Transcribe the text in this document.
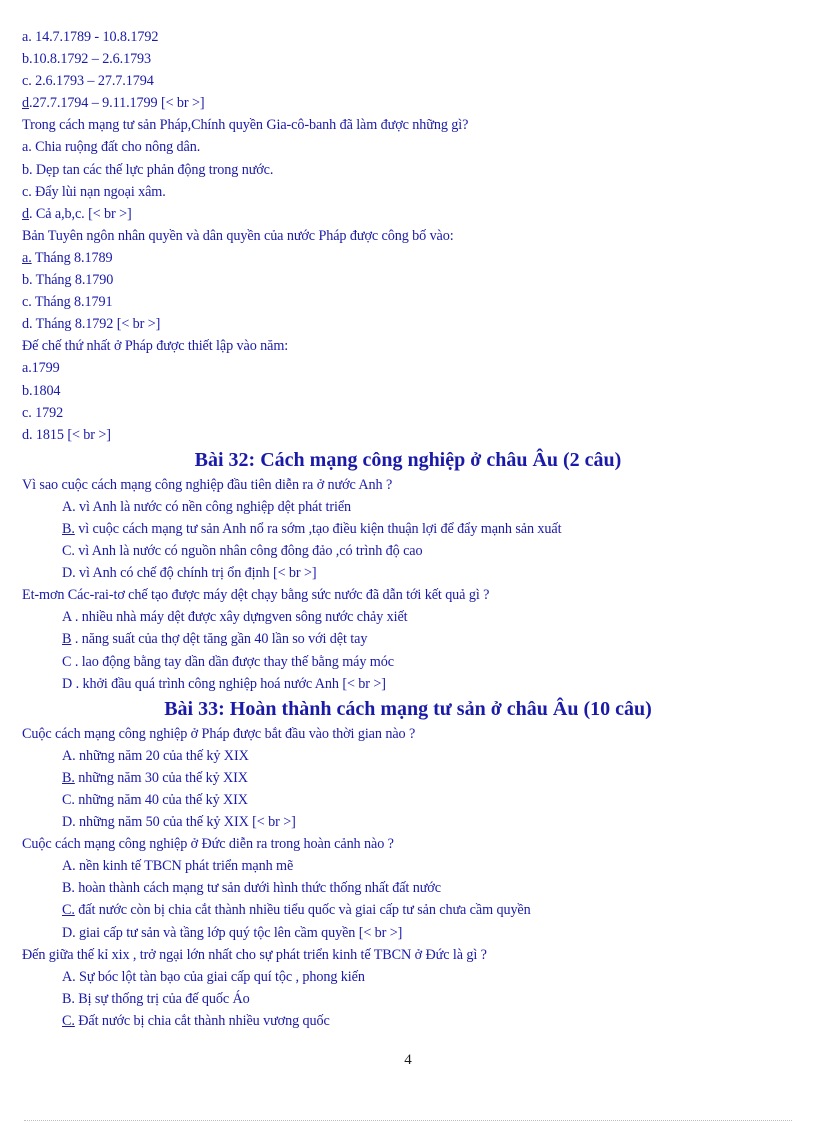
a. 14.7.1789 - 10.8.1792
b.10.8.1792 – 2.6.1793
c. 2.6.1793 – 27.7.1794
d.27.7.1794 – 9.11.1799 [< br >]
Trong cách mạng tư sản Pháp,Chính quyền Gia-cô-banh đã làm được những gì?
a. Chia ruộng đất cho nông dân.
b. Dẹp tan các thế lực phản động trong nước.
c. Đẩy lùi nạn ngoại xâm.
d. Cả a,b,c. [< br >]
Bản Tuyên ngôn nhân quyền và dân quyền của nước Pháp được công bố vào:
a. Tháng 8.1789
b. Tháng 8.1790
c. Tháng 8.1791
d. Tháng 8.1792 [< br >]
Đế chế thứ nhất ở Pháp được thiết lập vào năm:
a.1799
b.1804
c. 1792
d. 1815 [< br >]
Bài 32: Cách mạng công nghiệp ở châu Âu (2 câu)
Vì sao cuộc cách mạng công nghiệp đầu tiên diễn ra ở nước Anh ?
A. vì Anh là nước có nền công nghiệp dệt phát triển
B. vì cuộc cách mạng tư sản Anh nổ ra sớm ,tạo điều kiện thuận lợi để đẩy mạnh sản xuất
C. vì Anh là nước có nguồn nhân công đông đảo ,có trình độ cao
D. vì Anh có chế độ chính trị ổn định [< br >]
Et-mơn Các-rai-tơ chế tạo được máy dệt chạy bằng sức nước đã dẫn tới kết quả gì ?
A . nhiều nhà máy dệt được xây dựngven sông nước chảy xiết
B . năng suất của thợ dệt tăng gần 40 lần so với dệt tay
C . lao động bằng tay dần dần được thay thế bằng máy móc
D . khởi đầu quá trình công nghiệp hoá nước Anh [< br >]
Bài 33: Hoàn thành cách mạng tư sản ở châu Âu (10 câu)
Cuộc cách mạng công nghiệp ở Pháp được bắt đầu vào thời gian nào ?
A. những năm 20 của thế kỷ XIX
B. những năm 30 của thế kỷ XIX
C. những năm 40 của thế kỷ XIX
D. những năm 50 của thế kỷ XIX [< br >]
Cuộc cách mạng công nghiệp ở Đức diễn ra trong hoàn cảnh nào ?
A. nền kinh tế TBCN phát triển mạnh mẽ
B. hoàn thành cách mạng tư sản dưới hình thức thống nhất đất nước
C. đất nước còn bị chia cắt thành nhiều tiểu quốc và giai cấp tư sản chưa cầm quyền
D. giai cấp tư sản và tầng lớp quý tộc lên cầm quyền [< br >]
Đến giữa thế kỉ xix , trở ngại lớn nhất cho sự phát triển kinh tế TBCN ở Đức là gì ?
A. Sự bóc lột tàn bạo của giai cấp quí tộc , phong kiến
B. Bị sự thống trị của đế quốc Áo
C. Đất nước bị chia cắt thành nhiều vương quốc
4
